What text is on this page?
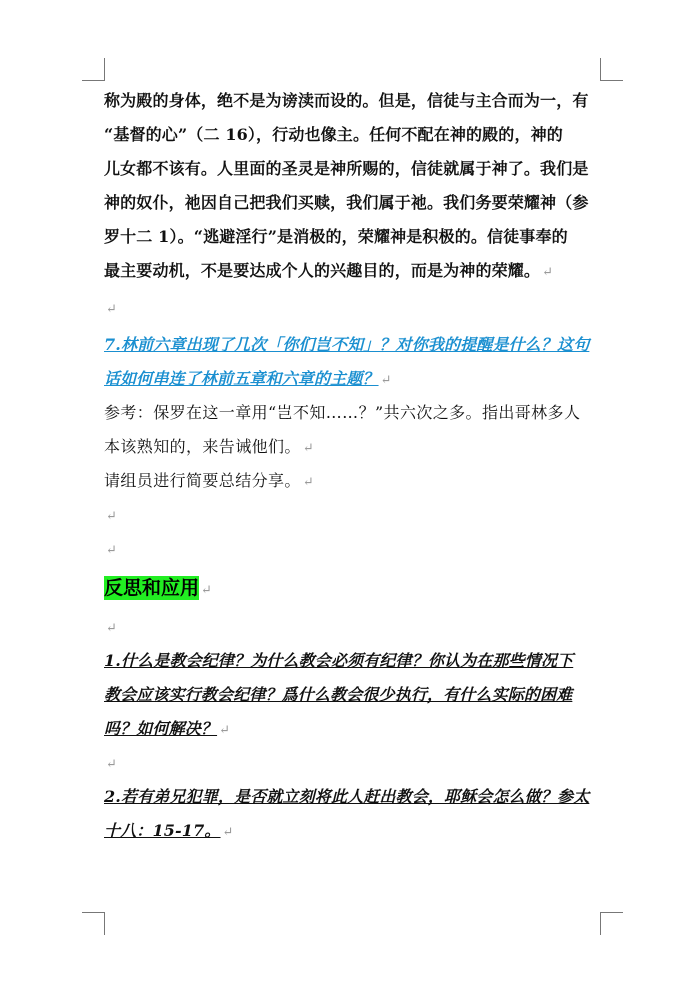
称为殿的身体，绝不是为谤渎而设的。但是，信徒与主合而为一，有
“基督的心”（二 16），行动也像主。任何不配在神的殿的，神的
儿女都不该有。人里面的圣灵是神所赐的，信徒就属于神了。我们是
神的奴仆，祂因自己把我们买赎，我们属于祂。我们务要荣耀神（参
罗十二 1）。“逃避淫行”是消极的，荣耀神是积极的。信徒事奉的
最主要动机，不是要达成个人的兴趣目的，而是为神的荣耀。 ↵
↵
7.林前六章出现了几次「你们岂不知」？对你我的提醒是什么？这句
话如何串连了林前五章和六章的主题？ ↵
参考：保罗在这一章用“岂不知……？”共六次之多。指出哥林多人
本该熟知的，来告诫他们。 ↵
请组员进行简要总结分享。 ↵
↵
↵
反思和应用 ↵
↵
1.什么是教会纪律？为什么教会必须有纪律？你认为在那些情况下
教会应该实行教会纪律？爲什么教会很少执行，有什么实际的困难
吗？如何解决？ ↵
↵
2.若有弟兄犯罪，是否就立刻将此人赶出教会，耶稣会怎么做？参太
十八：15-17。 ↵
